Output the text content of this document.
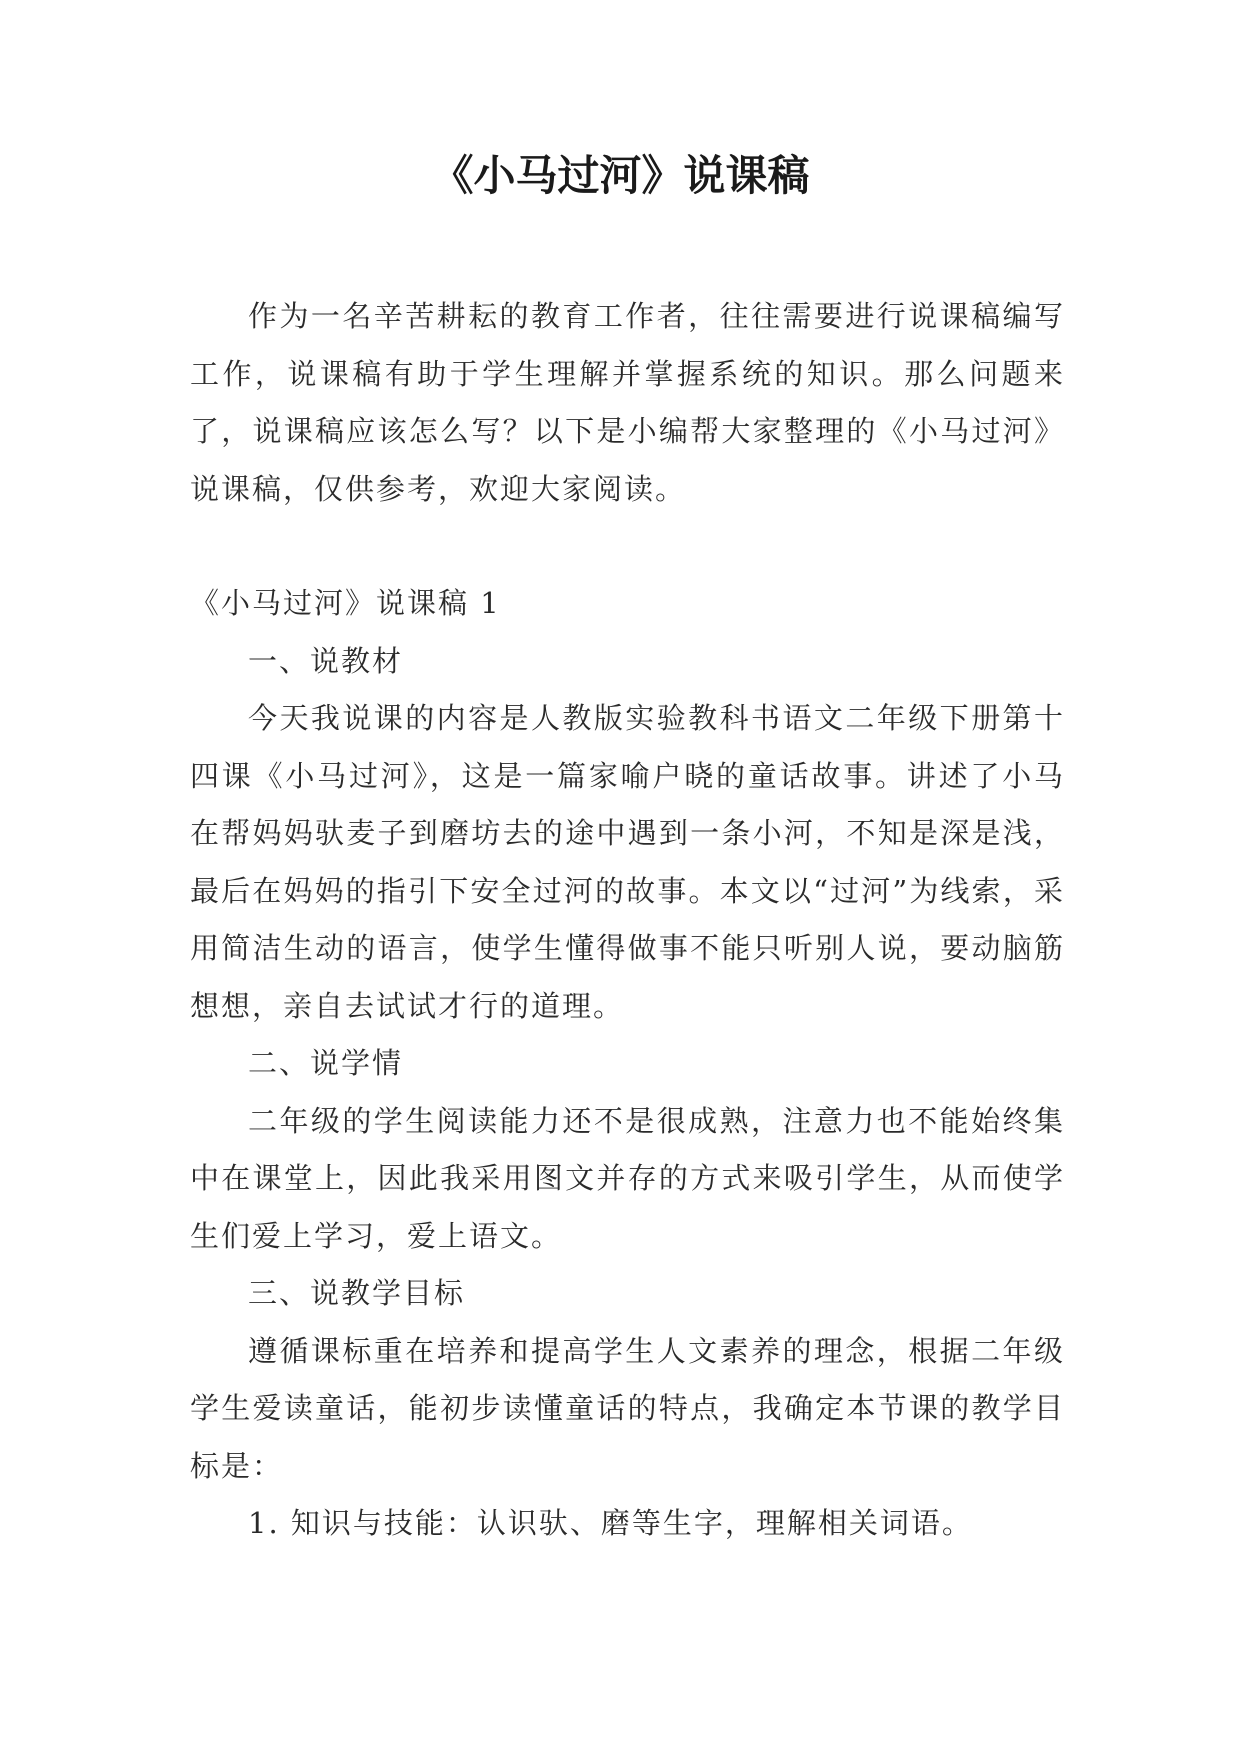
《小马过河》说课稿

作为一名辛苦耕耘的教育工作者，往往需要进行说课稿编写工作，说课稿有助于学生理解并掌握系统的知识。那么问题来了，说课稿应该怎么写？以下是小编帮大家整理的《小马过河》说课稿，仅供参考，欢迎大家阅读。

《小马过河》说课稿 1

一、说教材

今天我说课的内容是人教版实验教科书语文二年级下册第十四课《小马过河》，这是一篇家喻户晓的童话故事。讲述了小马在帮妈妈驮麦子到磨坊去的途中遇到一条小河，不知是深是浅，最后在妈妈的指引下安全过河的故事。本文以“过河”为线索，采用简洁生动的语言，使学生懂得做事不能只听别人说，要动脑筋想想，亲自去试试才行的道理。

二、说学情

二年级的学生阅读能力还不是很成熟，注意力也不能始终集中在课堂上，因此我采用图文并存的方式来吸引学生，从而使学生们爱上学习，爱上语文。

三、说教学目标

遵循课标重在培养和提高学生人文素养的理念，根据二年级学生爱读童话，能初步读懂童话的特点，我确定本节课的教学目标是：

1. 知识与技能：认识驮、磨等生字，理解相关词语。
